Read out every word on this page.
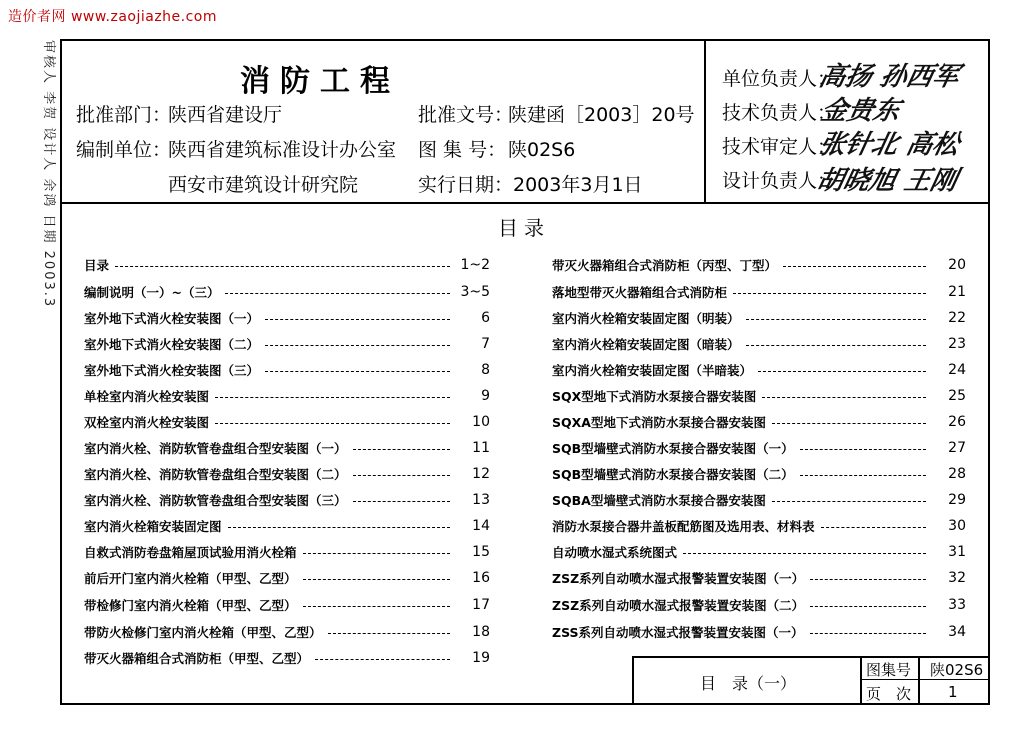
造价者网 www.zaojiazhe.com
审核人 李贺 设计人 余鸿 日期 2003.3	消防工程
批准部门：
陕西省建设厅	批准文号：
陕建函［2003］20号
编制单位：
陕西省建筑标准设计办公室 图 集 号： 陕02S6
西安市建筑设计研究院	实行日期： 2003年3月1日
单位负责人：
高扬 孙西军
技术负责人：
金贵东
技术审定人：
张针北 高松
设计负责人：
胡晓旭 王刚
目录
目录	1~2
编制说明（一）~（三）	3~5
室外地下式消火栓安装图（一）	6
室外地下式消火栓安装图（二）	7
室外地下式消火栓安装图（三）	8
单栓室内消火栓安装图	9
双栓室内消火栓安装图	10
室内消火栓、消防软管卷盘组合型安装图（一）	11
室内消火栓、消防软管卷盘组合型安装图（二）	12
室内消火栓、消防软管卷盘组合型安装图（三）	13
室内消火栓箱安装固定图	14
自救式消防卷盘箱屋顶试验用消火栓箱	15
前后开门室内消火栓箱（甲型、乙型）	16
带检修门室内消火栓箱（甲型、乙型）	17
带防火检修门室内消火栓箱（甲型、乙型）	18
带灭火器箱组合式消防柜（甲型、乙型）	19
带灭火器箱组合式消防柜（丙型、丁型）	20
落地型带灭火器箱组合式消防柜	21
室内消火栓箱安装固定图（明装）	22
室内消火栓箱安装固定图（暗装）	23
室内消火栓箱安装固定图（半暗装）	24
SQX型地下式消防水泵接合器安装图	25
SQXA型地下式消防水泵接合器安装图	26
SQB型墙壁式消防水泵接合器安装图（一）	27
SQB型墙壁式消防水泵接合器安装图（二）	28
SQBA型墙壁式消防水泵接合器安装图	29
消防水泵接合器井盖板配筋图及选用表、材料表	30
自动喷水湿式系统图式	31
ZSZ系列自动喷水湿式报警装置安装图（一）	32
ZSZ系列自动喷水湿式报警装置安装图（二）	33
ZSS系列自动喷水湿式报警装置安装图（一）	34
目　录（一）
图集号 陕02S6
页　次 1
